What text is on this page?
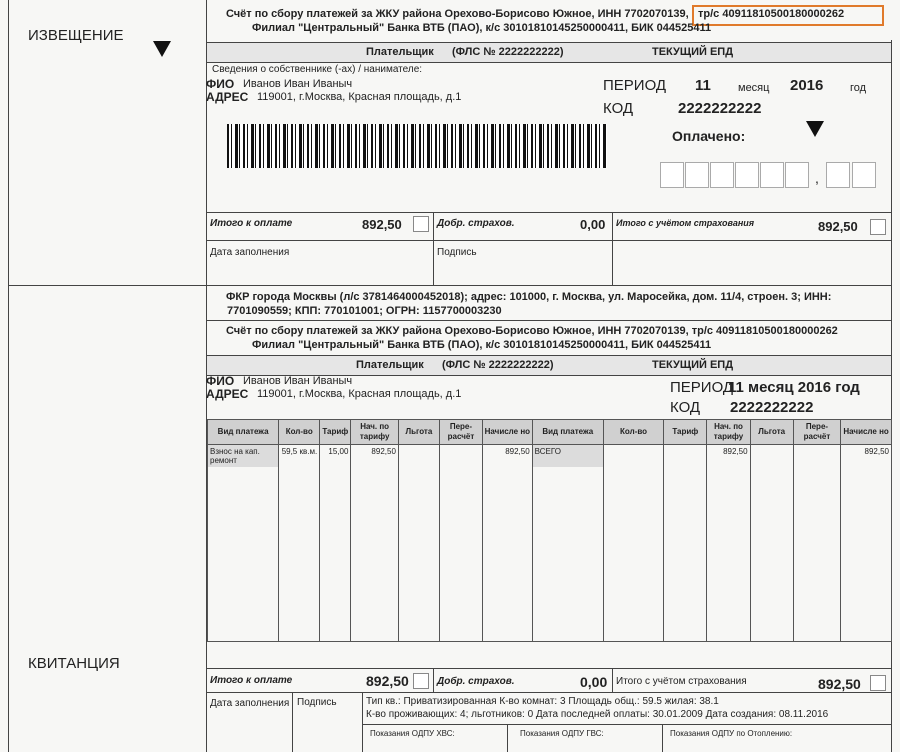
ИЗВЕЩЕНИЕ
КВИТАНЦИЯ
Счёт по сбору платежей за ЖКУ района Орехово-Борисово Южное, ИНН 7702070139, тр/с 40911810500180000262
Филиал "Центральный" Банка ВТБ (ПАО), к/с 30101810145250000411, БИК 044525411
Плательщик (ФЛС № 2222222222)	ТЕКУЩИЙ ЕПД
Сведения о собственнике (-ах) / нанимателе:
ФИО Иванов Иван Иваныч
АДРЕС 119001, г.Москва, Красная площадь, д.1
ПЕРИОД 11 месяц 2016 год
КОД	2222222222
Оплачено:
,
Итого к оплате	892,50	Добр. страхов.	0,00 Итого с учётом страхования	892,50
Дата заполнения	Подпись
ФКР города Москвы (л/с 3781464000452018); адрес: 101000, г. Москва, ул. Маросейка, дом. 11/4, строен. 3; ИНН:
7701090559; КПП: 770101001; ОГРН: 1157700003230
Счёт по сбору платежей за ЖКУ района Орехово-Борисово Южное, ИНН 7702070139, тр/с 40911810500180000262
Филиал "Центральный" Банка ВТБ (ПАО), к/с 30101810145250000411, БИК 044525411
Плательщик (ФЛС № 2222222222)	ТЕКУЩИЙ ЕПД
ФИО Иванов Иван Иваныч
АДРЕС 119001, г.Москва, Красная площадь, д.1	ПЕРИОД
11 месяц 2016 год
КОД 2222222222
Вид платежа	Кол-во	Тариф	Нач. по тарифу	Льгота	Пере-расчёт	Начисле но	Вид платежа	Кол-во	Тариф	Нач. по тарифу	Льгота	Пере-расчёт	Начисле но
Взнос на кап. ремонт	59,5 кв.м.	15,00	892,50			892,50	ВСЕГО			892,50			892,50

Итого к оплате	892,50	Добр. страхов.	0,00 Итого с учётом страхования	892,50
Дата заполнения Подпись	Тип кв.: Приватизированная К-во комнат: 3 Площадь общ.: 59.5 жилая: 38.1
К-во проживающих: 4; льготников: 0 Дата последней оплаты: 30.01.2009 Дата создания: 08.11.2016
Показания ОДПУ ХВС:	Показания ОДПУ ГВС:	Показания ОДПУ по Отоплению:
